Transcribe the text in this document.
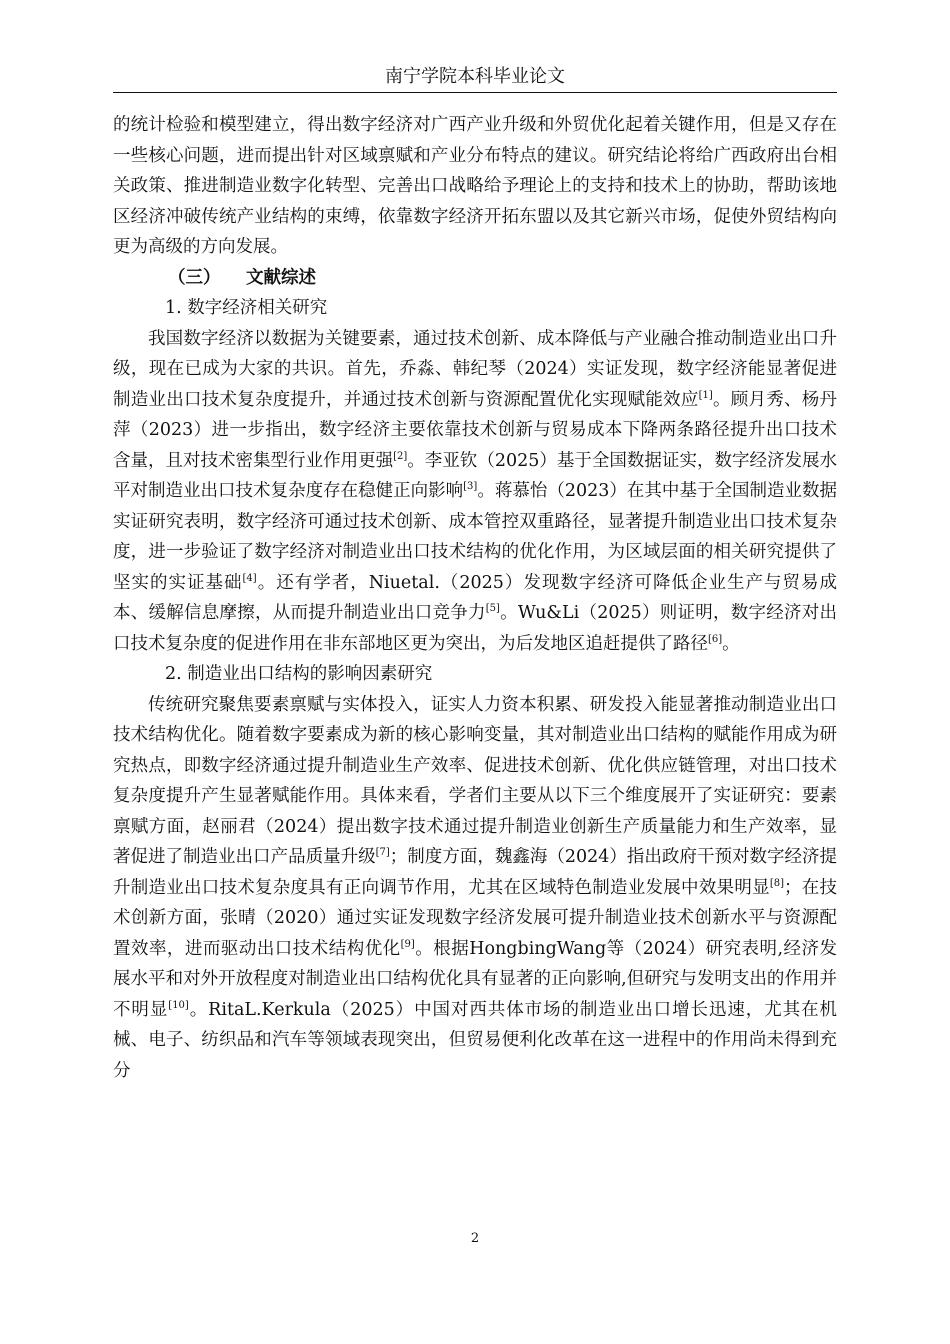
南宁学院本科毕业论文

的统计检验和模型建立，得出数字经济对广西产业升级和外贸优化起着关键作用，但是又存在一些核心问题，进而提出针对区域禀赋和产业分布特点的建议。研究结论将给广西政府出台相关政策、推进制造业数字化转型、完善出口战略给予理论上的支持和技术上的协助，帮助该地区经济冲破传统产业结构的束缚，依靠数字经济开拓东盟以及其它新兴市场，促使外贸结构向更为高级的方向发展。

（三） 文献综述

1. 数字经济相关研究

我国数字经济以数据为关键要素，通过技术创新、成本降低与产业融合推动制造业出口升级，现在已成为大家的共识。首先，乔淼、韩纪琴（2024）实证发现，数字经济能显著促进制造业出口技术复杂度提升，并通过技术创新与资源配置优化实现赋能效应[1]。顾月秀、杨丹萍（2023）进一步指出，数字经济主要依靠技术创新与贸易成本下降两条路径提升出口技术含量，且对技术密集型行业作用更强[2]。李亚钦（2025）基于全国数据证实，数字经济发展水平对制造业出口技术复杂度存在稳健正向影响[3]。蒋慕怡（2023）在其中基于全国制造业数据实证研究表明，数字经济可通过技术创新、成本管控双重路径，显著提升制造业出口技术复杂度，进一步验证了数字经济对制造业出口技术结构的优化作用，为区域层面的相关研究提供了坚实的实证基础[4]。还有学者，Niuetal.（2025）发现数字经济可降低企业生产与贸易成本、缓解信息摩擦，从而提升制造业出口竞争力[5]。Wu&Li（2025）则证明，数字经济对出口技术复杂度的促进作用在非东部地区更为突出，为后发地区追赶提供了路径[6]。

2. 制造业出口结构的影响因素研究

传统研究聚焦要素禀赋与实体投入，证实人力资本积累、研发投入能显著推动制造业出口技术结构优化。随着数字要素成为新的核心影响变量，其对制造业出口结构的赋能作用成为研究热点，即数字经济通过提升制造业生产效率、促进技术创新、优化供应链管理，对出口技术复杂度提升产生显著赋能作用。具体来看，学者们主要从以下三个维度展开了实证研究：要素禀赋方面，赵丽君（2024）提出数字技术通过提升制造业创新生产质量能力和生产效率，显著促进了制造业出口产品质量升级[7]；制度方面，魏鑫海（2024）指出政府干预对数字经济提升制造业出口技术复杂度具有正向调节作用，尤其在区域特色制造业发展中效果明显[8]；在技术创新方面，张晴（2020）通过实证发现数字经济发展可提升制造业技术创新水平与资源配置效率，进而驱动出口技术结构优化[9]。根据HongbingWang等（2024）研究表明,经济发展水平和对外开放程度对制造业出口结构优化具有显著的正向影响,但研究与发明支出的作用并不明显[10]。RitaL.Kerkula（2025）中国对西共体市场的制造业出口增长迅速，尤其在机械、电子、纺织品和汽车等领域表现突出，但贸易便利化改革在这一进程中的作用尚未得到充分

2
